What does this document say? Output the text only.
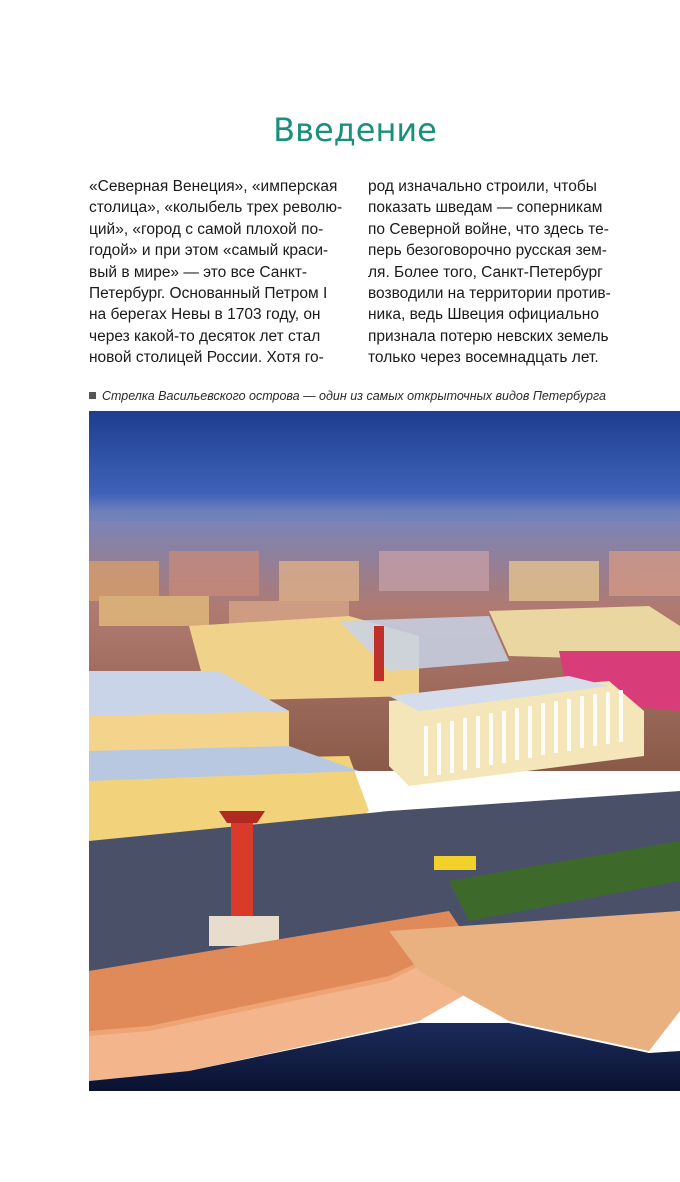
Введение
«Северная Венеция», «имперская
столица», «колыбель трех револю-
ций», «город с самой плохой по-
годой» и при этом «самый краси-
вый в мире» — это все Санкт-
Петербург. Основанный Петром I
на берегах Невы в 1703 году, он
через какой-то десяток лет стал
новой столицей России. Хотя го-
род изначально строили, чтобы
показать шведам — соперникам
по Северной войне, что здесь те-
перь безоговорочно русская зем-
ля. Более того, Санкт-Петербург
возводили на территории против-
ника, ведь Швеция официально
признала потерю невских земель
только через восемнадцать лет.
Стрелка Васильевского острова — один из самых открыточных видов Петербурга
